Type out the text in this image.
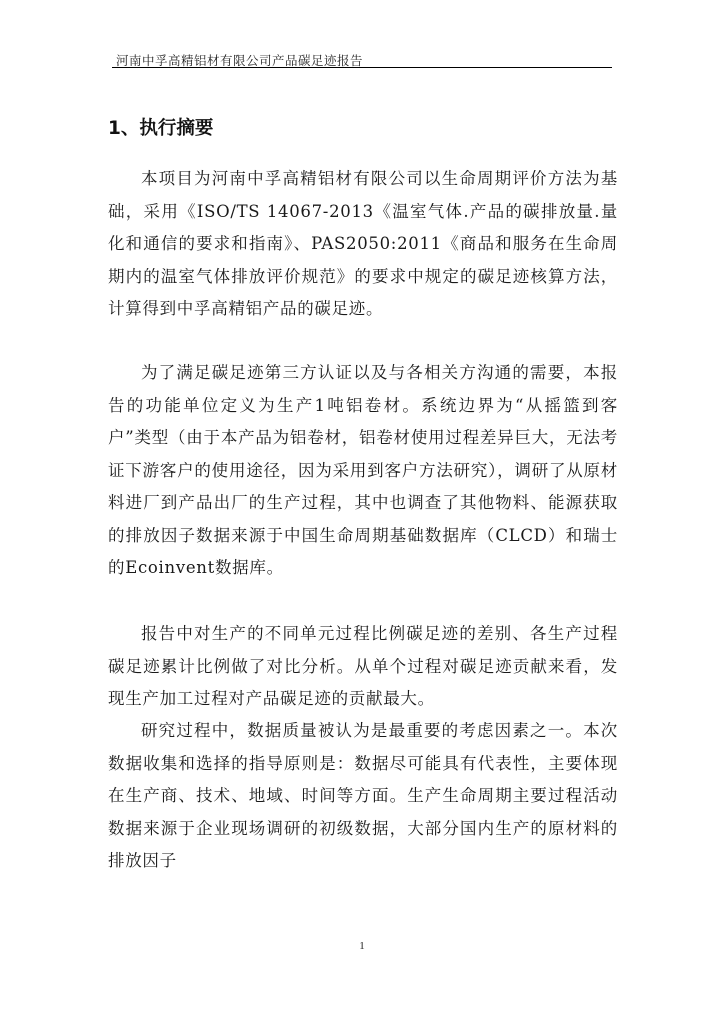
河南中孚高精铝材有限公司产品碳足迹报告
1、执行摘要

本项目为河南中孚高精铝材有限公司以生命周期评价方法为基础，采用《ISO/TS 14067-2013《温室气体.产品的碳排放量.量化和通信的要求和指南》、PAS2050:2011《商品和服务在生命周期内的温室气体排放评价规范》的要求中规定的碳足迹核算方法，计算得到中孚高精铝产品的碳足迹。

为了满足碳足迹第三方认证以及与各相关方沟通的需要，本报告的功能单位定义为生产1吨铝卷材。系统边界为“从摇篮到客户”类型（由于本产品为铝卷材，铝卷材使用过程差异巨大，无法考证下游客户的使用途径，因为采用到客户方法研究），调研了从原材料进厂到产品出厂的生产过程，其中也调查了其他物料、能源获取的排放因子数据来源于中国生命周期基础数据库（CLCD）和瑞士的Ecoinvent数据库。

报告中对生产的不同单元过程比例碳足迹的差别、各生产过程碳足迹累计比例做了对比分析。从单个过程对碳足迹贡献来看，发现生产加工过程对产品碳足迹的贡献最大。

研究过程中，数据质量被认为是最重要的考虑因素之一。本次数据收集和选择的指导原则是：数据尽可能具有代表性，主要体现在生产商、技术、地域、时间等方面。生产生命周期主要过程活动数据来源于企业现场调研的初级数据，大部分国内生产的原材料的排放因子

1
